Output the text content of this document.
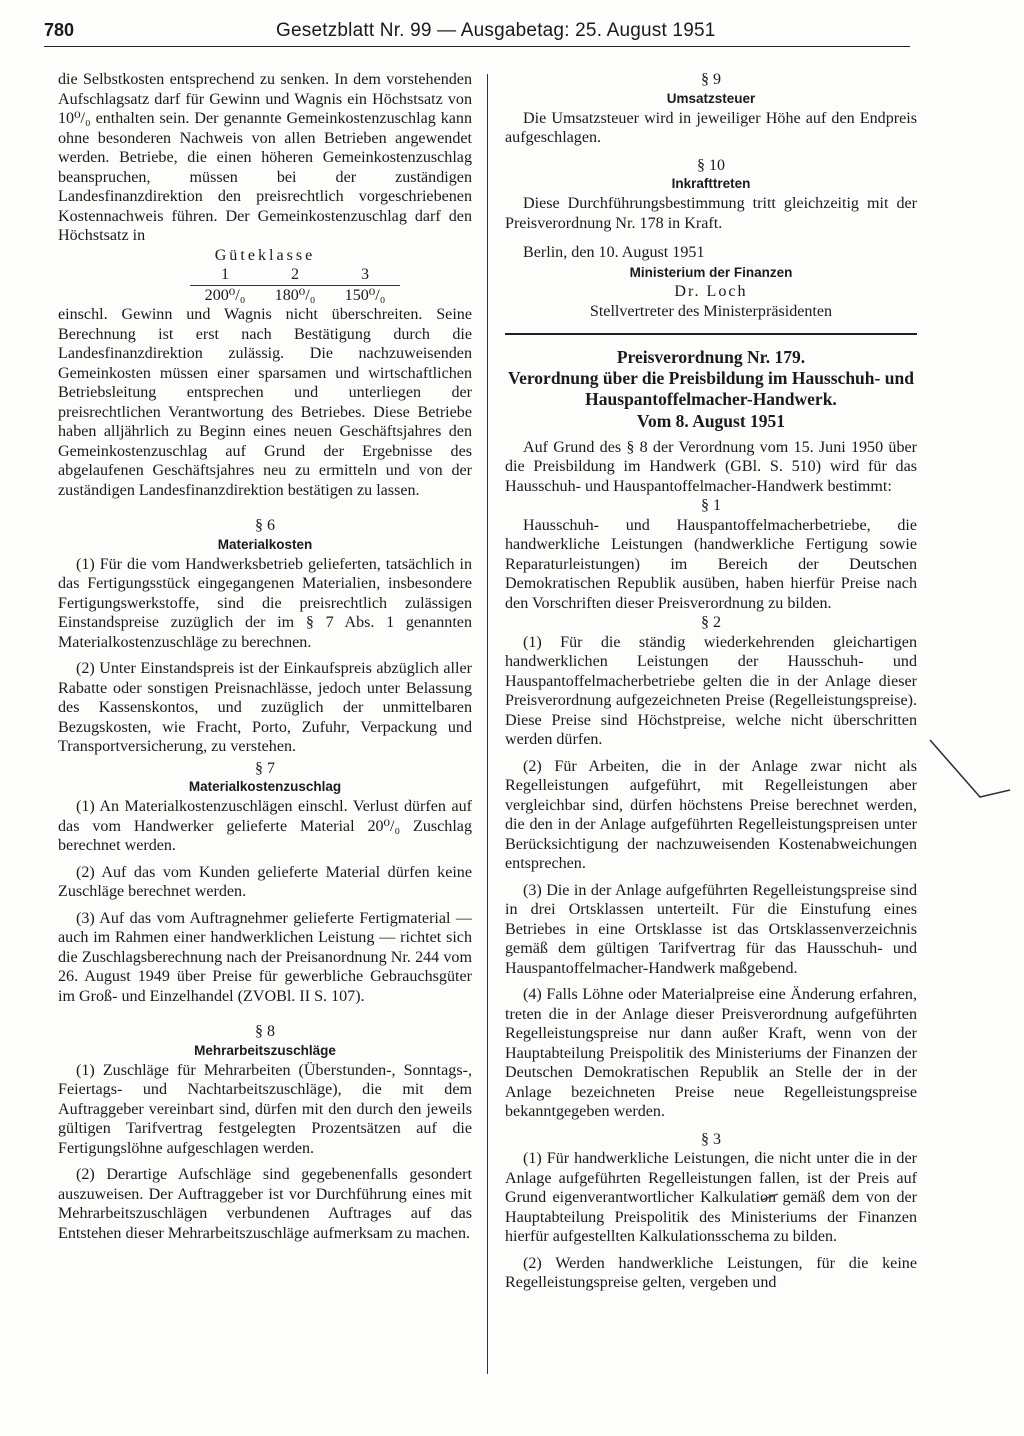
780	Gesetzblatt Nr. 99 — Ausgabetag: 25. August 1951

die Selbstkosten entsprechend zu senken. In dem vorstehenden Aufschlagsatz darf für Gewinn und Wagnis ein Höchstsatz von 10⁰/₀ enthalten sein. Der genannte Gemeinkostenzuschlag kann ohne besonderen Nachweis von allen Betrieben angewendet werden. Betriebe, die einen höheren Gemeinkostenzuschlag beanspruchen, müssen bei der zuständigen Landesfinanzdirektion den preisrechtlich vorgeschriebenen Kostennachweis führen. Der Gemeinkostenzuschlag darf den Höchstsatz in

Güteklasse

1	2	3
200⁰/₀	180⁰/₀	150⁰/₀

einschl. Gewinn und Wagnis nicht überschreiten. Seine Berechnung ist erst nach Bestätigung durch die Landesfinanzdirektion zulässig. Die nachzuweisenden Gemeinkosten müssen einer sparsamen und wirtschaftlichen Betriebsleitung entsprechen und unterliegen der preisrechtlichen Verantwortung des Betriebes. Diese Betriebe haben alljährlich zu Beginn eines neuen Geschäftsjahres den Gemeinkostenzuschlag auf Grund der Ergebnisse des abgelaufenen Geschäftsjahres neu zu ermitteln und von der zuständigen Landesfinanzdirektion bestätigen zu lassen.

§ 6

Materialkosten

(1) Für die vom Handwerksbetrieb gelieferten, tatsächlich in das Fertigungsstück eingegangenen Materialien, insbesondere Fertigungswerkstoffe, sind die preisrechtlich zulässigen Einstandspreise zuzüglich der im § 7 Abs. 1 genannten Materialkostenzuschläge zu berechnen.

(2) Unter Einstandspreis ist der Einkaufspreis abzüglich aller Rabatte oder sonstigen Preisnachlässe, jedoch unter Belassung des Kassenskontos, und zuzüglich der unmittelbaren Bezugskosten, wie Fracht, Porto, Zufuhr, Verpackung und Transportversicherung, zu verstehen.

§ 7

Materialkostenzuschlag

(1) An Materialkostenzuschlägen einschl. Verlust dürfen auf das vom Handwerker gelieferte Material 20⁰/₀ Zuschlag berechnet werden.

(2) Auf das vom Kunden gelieferte Material dürfen keine Zuschläge berechnet werden.

(3) Auf das vom Auftragnehmer gelieferte Fertigmaterial — auch im Rahmen einer handwerklichen Leistung — richtet sich die Zuschlagsberechnung nach der Preisanordnung Nr. 244 vom 26. August 1949 über Preise für gewerbliche Gebrauchsgüter im Groß- und Einzelhandel (ZVOBl. II S. 107).

§ 8

Mehrarbeitszuschläge

(1) Zuschläge für Mehrarbeiten (Überstunden-, Sonntags-, Feiertags- und Nachtarbeitszuschläge), die mit dem Auftraggeber vereinbart sind, dürfen mit den durch den jeweils gültigen Tarifvertrag festgelegten Prozentsätzen auf die Fertigungslöhne aufgeschlagen werden.

(2) Derartige Aufschläge sind gegebenenfalls gesondert auszuweisen. Der Auftraggeber ist vor Durchführung eines mit Mehrarbeitszuschlägen verbundenen Auftrages auf das Entstehen dieser Mehrarbeitszuschläge aufmerksam zu machen.

§ 9

Umsatzsteuer

Die Umsatzsteuer wird in jeweiliger Höhe auf den Endpreis aufgeschlagen.

§ 10

Inkrafttreten

Diese Durchführungsbestimmung tritt gleichzeitig mit der Preisverordnung Nr. 178 in Kraft.

Berlin, den 10. August 1951

Ministerium der Finanzen

Dr. Loch

Stellvertreter des Ministerpräsidenten

Preisverordnung Nr. 179.

Verordnung über die Preisbildung im Hausschuh- und Hauspantoffelmacher-Handwerk.

Vom 8. August 1951

Auf Grund des § 8 der Verordnung vom 15. Juni 1950 über die Preisbildung im Handwerk (GBl. S. 510) wird für das Hausschuh- und Hauspantoffelmacher-Handwerk bestimmt:

§ 1

Hausschuh- und Hauspantoffelmacherbetriebe, die handwerkliche Leistungen (handwerkliche Fertigung sowie Reparaturleistungen) im Bereich der Deutschen Demokratischen Republik ausüben, haben hierfür Preise nach den Vorschriften dieser Preisverordnung zu bilden.

§ 2

(1) Für die ständig wiederkehrenden gleichartigen handwerklichen Leistungen der Hausschuh- und Hauspantoffelmacherbetriebe gelten die in der Anlage dieser Preisverordnung aufgezeichneten Preise (Regelleistungspreise). Diese Preise sind Höchstpreise, welche nicht überschritten werden dürfen.

(2) Für Arbeiten, die in der Anlage zwar nicht als Regelleistungen aufgeführt, mit Regelleistungen aber vergleichbar sind, dürfen höchstens Preise berechnet werden, die den in der Anlage aufgeführten Regelleistungspreisen unter Berücksichtigung der nachzuweisenden Kostenabweichungen entsprechen.

(3) Die in der Anlage aufgeführten Regelleistungspreise sind in drei Ortsklassen unterteilt. Für die Einstufung eines Betriebes in eine Ortsklasse ist das Ortsklassenverzeichnis gemäß dem gültigen Tarifvertrag für das Hausschuh- und Hauspantoffelmacher-Handwerk maßgebend.

(4) Falls Löhne oder Materialpreise eine Änderung erfahren, treten die in der Anlage dieser Preisverordnung aufgeführten Regelleistungspreise nur dann außer Kraft, wenn von der Hauptabteilung Preispolitik des Ministeriums der Finanzen der Deutschen Demokratischen Republik an Stelle der in der Anlage bezeichneten Preise neue Regelleistungspreise bekanntgegeben werden.

§ 3

(1) Für handwerkliche Leistungen, die nicht unter die in der Anlage aufgeführten Regelleistungen fallen, ist der Preis auf Grund eigenverantwortlicher Kalkulation gemäß dem von der Hauptabteilung Preispolitik des Ministeriums der Finanzen hierfür aufgestellten Kalkulationsschema zu bilden.

(2) Werden handwerkliche Leistungen, für die keine Regelleistungspreise gelten, vergeben und
